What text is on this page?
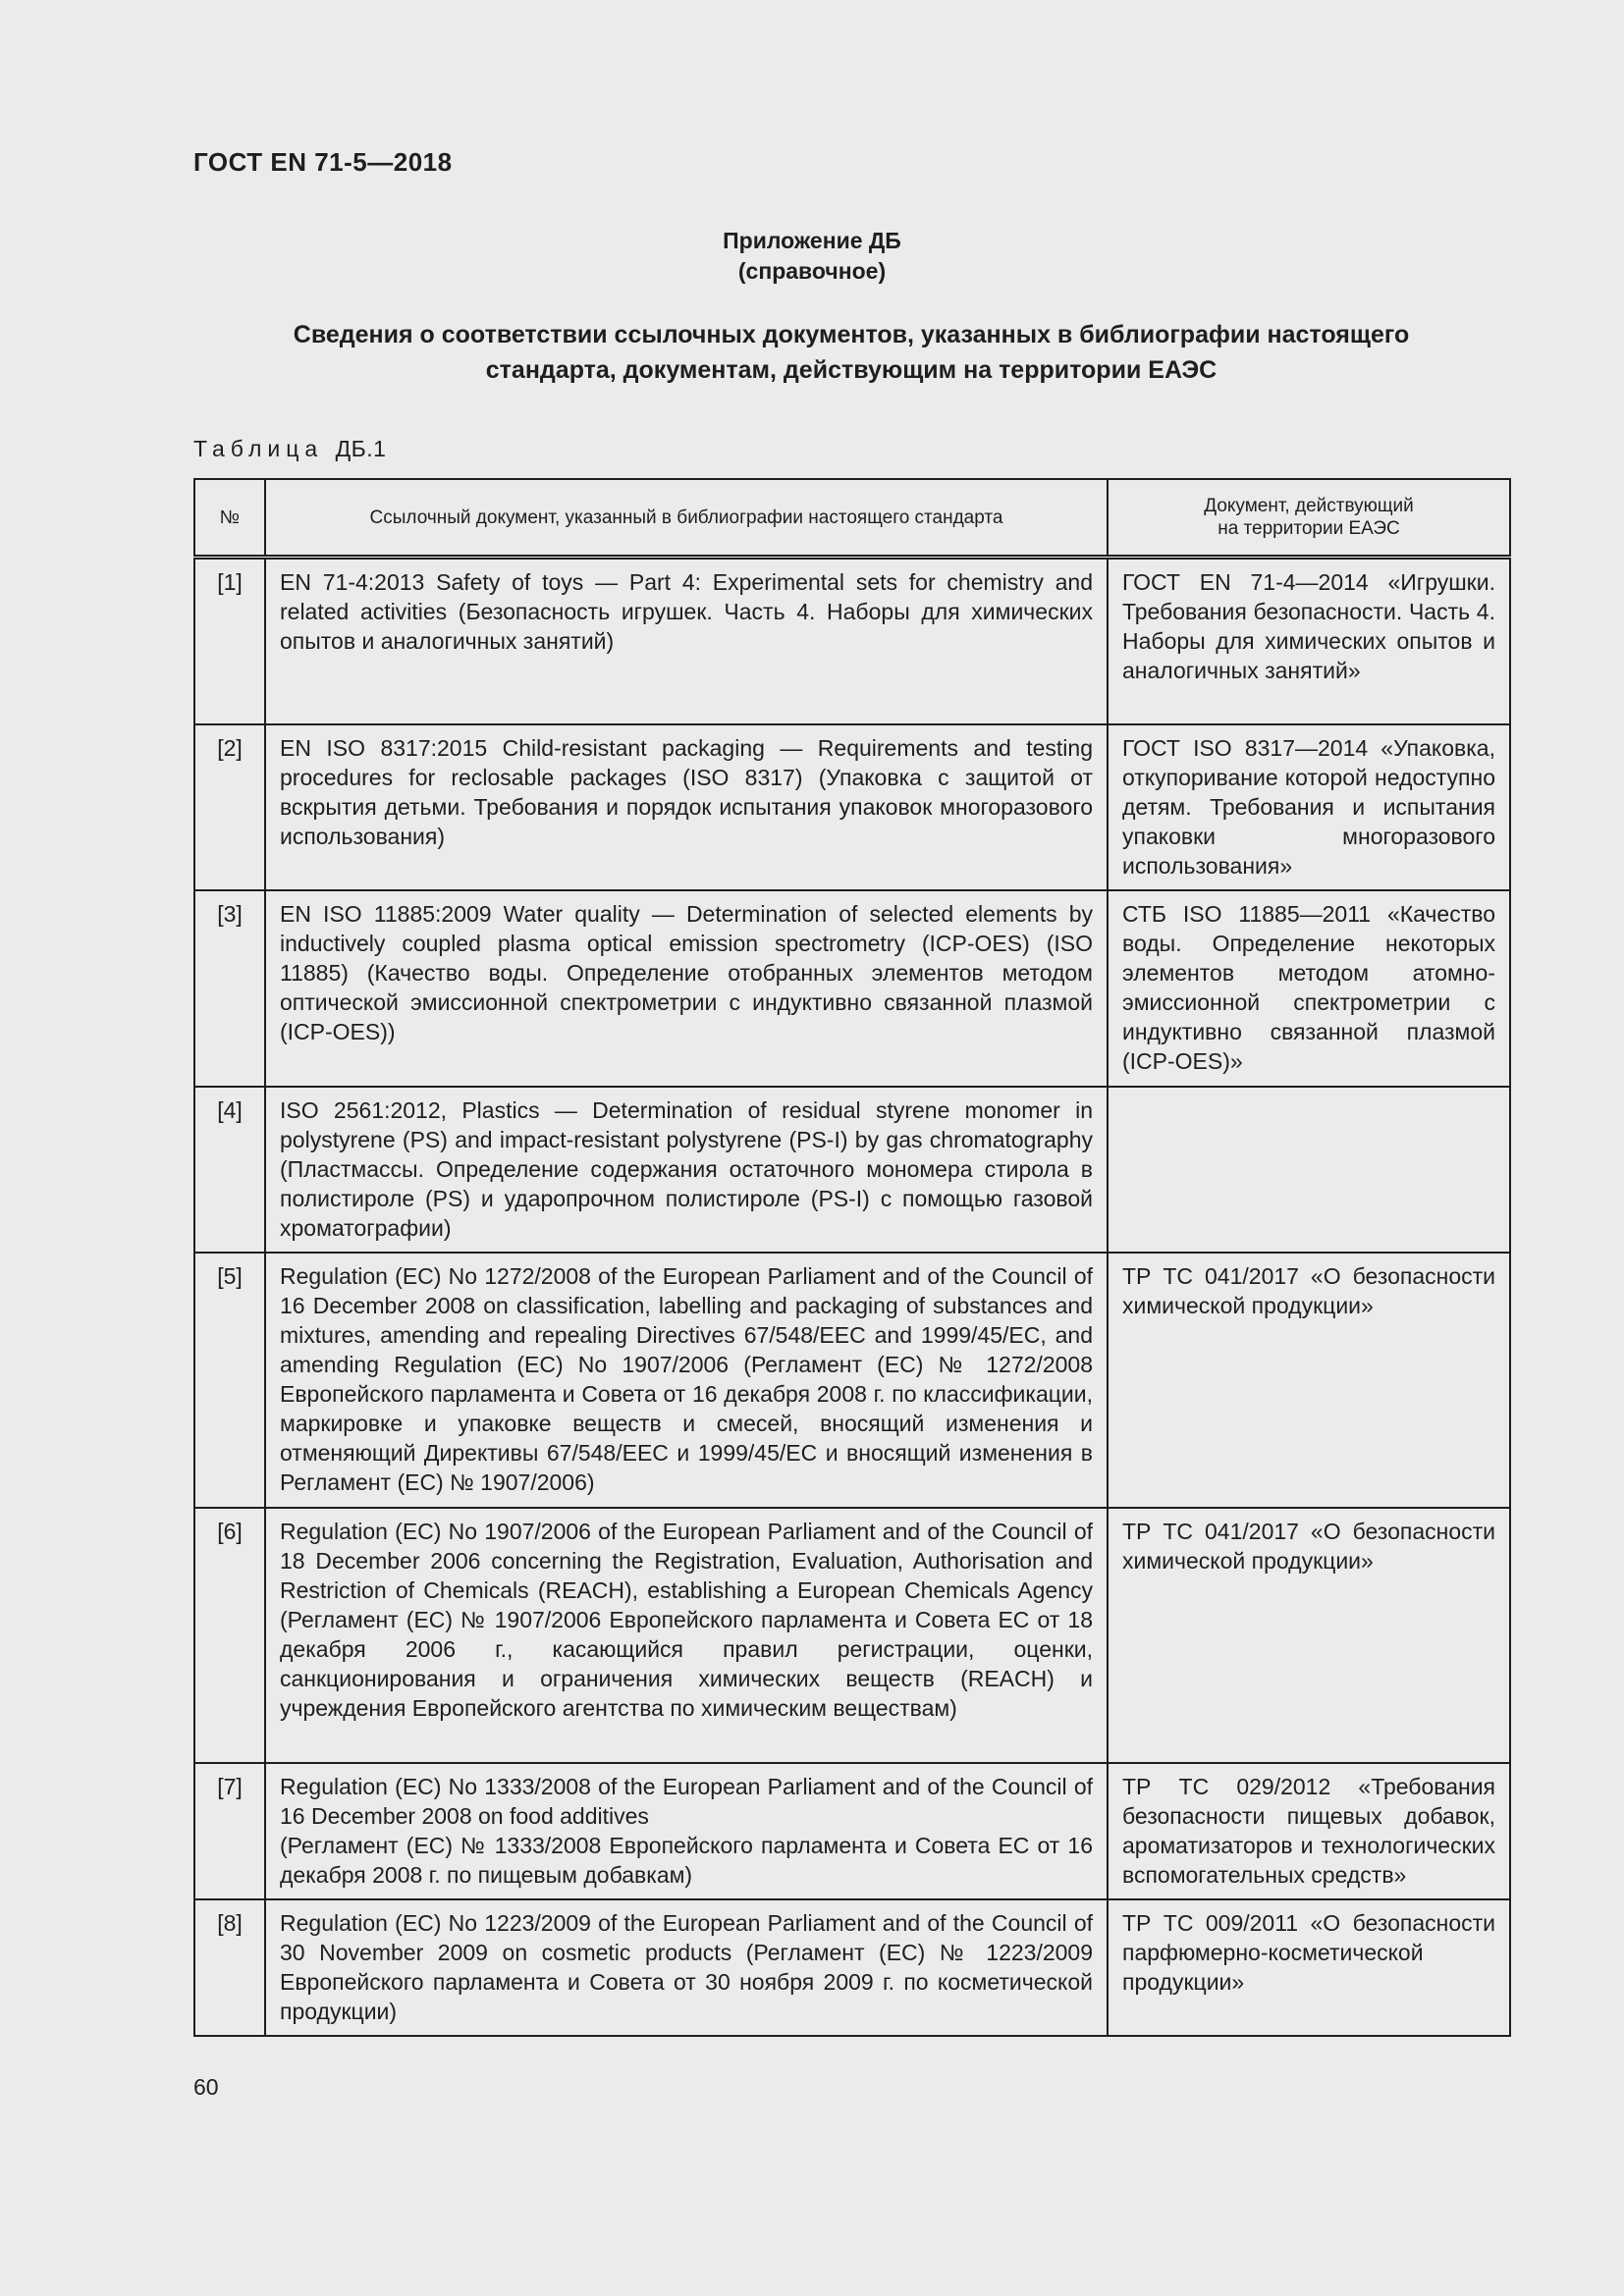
ГОСТ EN 71-5—2018
Приложение ДБ
(справочное)
Сведения о соответствии ссылочных документов, указанных в библиографии настоящего
стандарта, документам, действующим на территории ЕАЭС
Таблица ДБ.1
№	Ссылочный документ, указанный в библиографии настоящего стандарта	Документ, действующий
на территории ЕАЭС

[1]	EN 71-4:2013 Safety of toys — Part 4: Experimental sets for chemistry and related activities (Безопасность игрушек. Часть 4. Наборы для химических опытов и аналогичных занятий)	ГОСТ EN 71-4—2014 «Игрушки. Требования безопасности. Часть 4. Наборы для химических опытов и аналогичных занятий»
[2]	EN ISO 8317:2015 Child-resistant packaging — Requirements and testing procedures for reclosable packages (ISO 8317) (Упаковка с защитой от вскрытия детьми. Требования и порядок испытания упаковок многоразового использования)	ГОСТ ISO 8317—2014 «Упаковка, откупоривание которой недоступно детям. Требования и испытания упаковки многоразового использования»
[3]	EN ISO 11885:2009 Water quality — Determination of selected elements by inductively coupled plasma optical emission spectrometry (ICP-OES) (ISO 11885) (Качество воды. Определение отобранных элементов методом оптической эмиссионной спектрометрии с индуктивно связанной плазмой (ICP-OES))	СТБ ISO 11885—2011 «Качество воды. Определение некоторых элементов методом атомно-эмиссионной спектрометрии с индуктивно связанной плазмой (ICP-OES)»
[4]	ISO 2561:2012, Plastics — Determination of residual styrene monomer in polystyrene (PS) and impact-resistant polystyrene (PS-I) by gas chromatography (Пластмассы. Определение содержания остаточного мономера стирола в полистироле (PS) и ударопрочном полистироле (PS-I) с помощью газовой хроматографии)	
[5]	Regulation (EC) No 1272/2008 of the European Parliament and of the Council of 16 December 2008 on classification, labelling and packaging of substances and mixtures, amending and repealing Directives 67/548/EEC and 1999/45/EC, and amending Regulation (EC) No 1907/2006 (Регламент (ЕС) № 1272/2008 Европейского парламента и Совета от 16 декабря 2008 г. по классификации, маркировке и упаковке веществ и смесей, вносящий изменения и отменяющий Директивы 67/548/ЕЕС и 1999/45/ЕС и вносящий изменения в Регламент (ЕС) № 1907/2006)	ТР ТС 041/2017 «О безопасности химической продукции»
[6]	Regulation (EC) No 1907/2006 of the European Parliament and of the Council of 18 December 2006 concerning the Registration, Evaluation, Authorisation and Restriction of Chemicals (REACH), establishing a European Chemicals Agency (Регламент (ЕС) № 1907/2006 Европейского парламента и Совета ЕС от 18 декабря 2006 г., касающийся правил регистрации, оценки, санкционирования и ограничения химических веществ (REACH) и учреждения Европейского агентства по химическим веществам)	ТР ТС 041/2017 «О безопасности химической продукции»
[7]	Regulation (EC) No 1333/2008 of the European Parliament and of the Council of 16 December 2008 on food additives
(Регламент (ЕС) № 1333/2008 Европейского парламента и Совета ЕС от 16 декабря 2008 г. по пищевым добавкам)	ТР ТС 029/2012 «Требования безопасности пищевых добавок, ароматизаторов и технологических вспомогательных средств»
[8]	Regulation (EC) No 1223/2009 of the European Parliament and of the Council of 30 November 2009 on cosmetic products (Регламент (ЕС) № 1223/2009 Европейского парламента и Совета от 30 ноября 2009 г. по косметической продукции)	ТР ТС 009/2011 «О безопасности парфюмерно-косметической продукции»
60
